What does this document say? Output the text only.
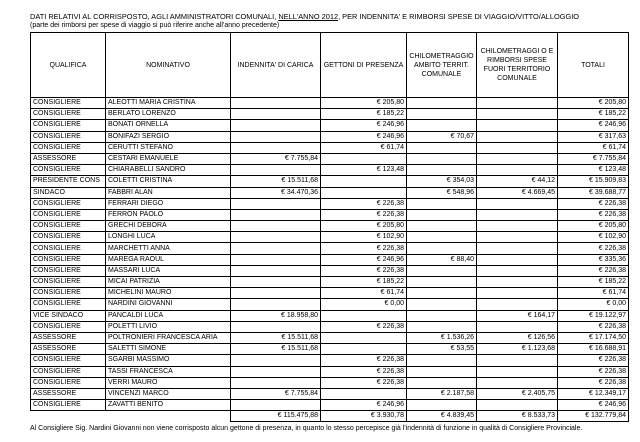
DATI RELATIVI AL CORRISPOSTO, AGLI AMMINISTRATORI COMUNALI, NELL'ANNO 2012, PER INDENNITA' E RIMBORSI SPESE DI VIAGGIO/VITTO/ALLOGGIO
(parte dei rimborsi per spese di viaggio si può riferire anche all'anno precedente)
QUALIFICA	NOMINATIVO	INDENNITA' DI CARICA	GETTONI DI PRESENZA	CHILOMETRAGGIO AMBITO TERRIT. COMUNALE	CHILOMETRAGGI O E RIMBORSI SPESE FUORI TERRITORIO COMUNALE	TOTALI
CONSIGLIERE	ALEOTTI MARIA CRISTINA		€ 205,80			€ 205,80
CONSIGLIERE	BERLATO LORENZO		€ 185,22			€ 185,22
CONSIGLIERE	BONATI ORNELLA		€ 246,96			€ 246,96
CONSIGLIERE	BONIFAZI SERGIO		€ 246,96	€ 70,67		€ 317,63
CONSIGLIERE	CERUTTI STEFANO		€ 61,74			€ 61,74
ASSESSORE	CESTARI EMANUELE	€ 7.755,84				€ 7.755,84
CONSIGLIERE	CHIARABELLI SANDRO		€ 123,48			€ 123,48
PRESIDENTE CONS	COLETTI CRISTINA	€ 15.511,68		€ 354,03	€ 44,12	€ 15.909,83
SINDACO	FABBRI ALAN	€ 34.470,36		€ 548,96	€ 4.669,45	€ 39.688,77
CONSIGLIERE	FERRARI DIEGO		€ 226,38			€ 226,38
CONSIGLIERE	FERRON PAOLO		€ 226,38			€ 226,38
CONSIGLIERE	GRECHI DEBORA		€ 205,80			€ 205,80
CONSIGLIERE	LONGHI LUCA		€ 102,90			€ 102,90
CONSIGLIERE	MARCHETTI ANNA		€ 226,38			€ 226,38
CONSIGLIERE	MAREGA RAOUL		€ 246,96	€ 88,40		€ 335,36
CONSIGLIERE	MASSARI LUCA		€ 226,38			€ 226,38
CONSIGLIERE	MICAI PATRIZIA		€ 185,22			€ 185,22
CONSIGLIERE	MICHELINI MAURO		€ 61,74			€ 61,74
CONSIGLIERE	NARDINI GIOVANNI		€ 0,00			€ 0,00
VICE SINDACO	PANCALDI LUCA	€ 18.958,80			€ 164,17	€ 19.122,97
CONSIGLIERE	POLETTI LIVIO		€ 226,38			€ 226,38
ASSESSORE	POLTRONIERI FRANCESCA ARIA	€ 15.511,68		€ 1.536,26	€ 126,56	€ 17.174,50
ASSESSORE	SALETTI SIMONE	€ 15.511,68		€ 53,55	€ 1.123,68	€ 16.688,91
CONSIGLIERE	SGARBI MASSIMO		€ 226,38			€ 226,38
CONSIGLIERE	TASSI FRANCESCA		€ 226,38			€ 226,38
CONSIGLIERE	VERRI MAURO		€ 226,38			€ 226,38
ASSESSORE	VINCENZI MARCO	€ 7.755,84		€ 2.187,58	€ 2.405,75	€ 12.349,17
CONSIGLIERE	ZAVATTI BENITO		€ 246,96			€ 246,96
		€ 115.475,88	€ 3.930,78	€ 4.839,45	€ 8.533,73	€ 132.779,84
Al Consigliere Sig. Nardini Giovanni non viene corrisposto alcun gettone di presenza, in quanto lo stesso percepisce già l'indennità di funzione in qualità di Consigliere Provinciale.
